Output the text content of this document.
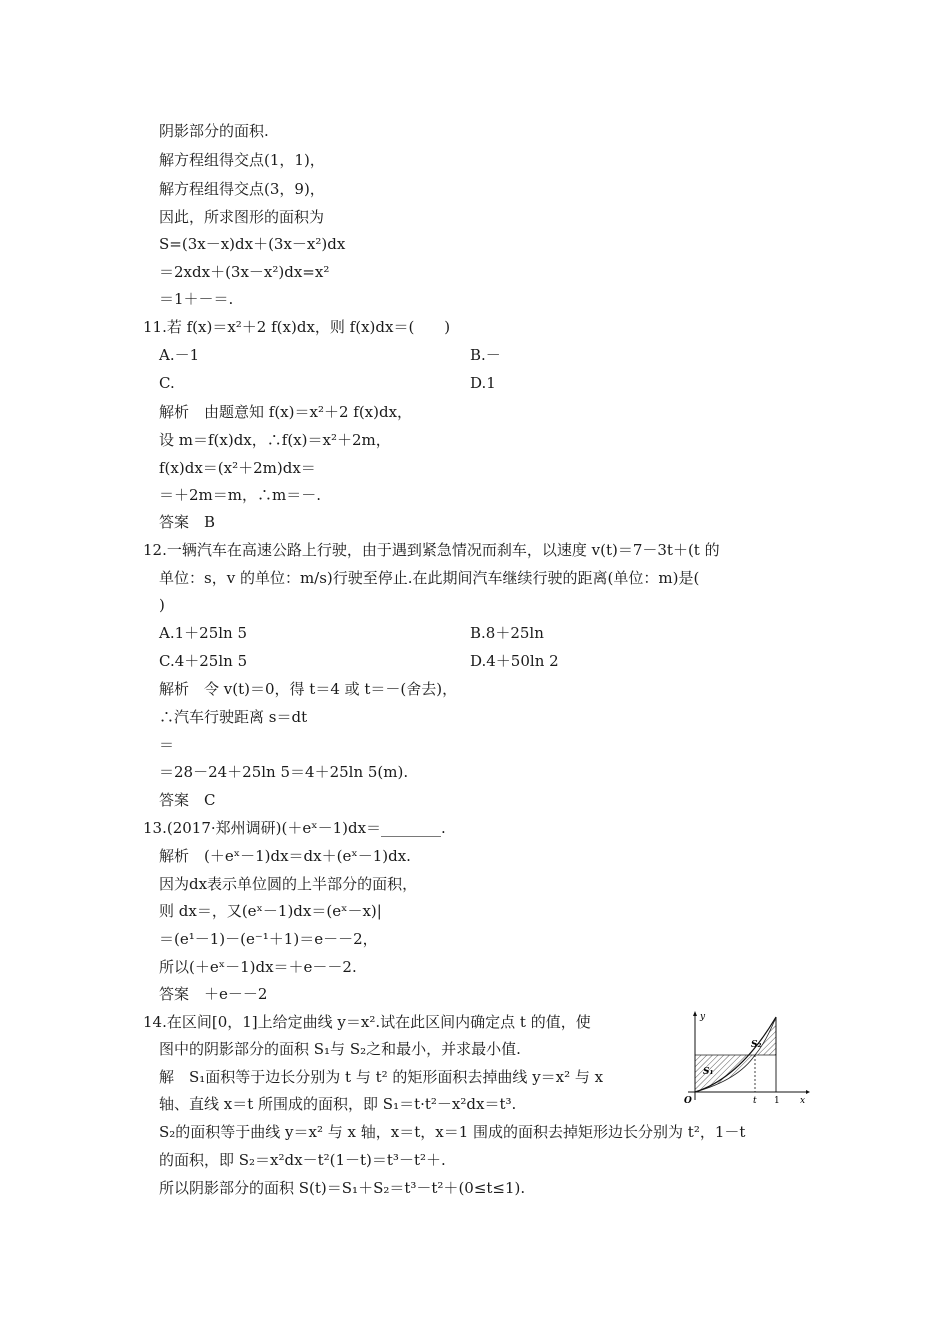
阴影部分的面积.
解方程组得交点(1，1)，
解方程组得交点(3，9)，
因此，所求图形的面积为
S=(3x－x)dx＋(3x－x²)dx
＝2xdx＋(3x－x²)dx=x²
＝1＋－＝.
11.若 f(x)＝x²＋2 f(x)dx，则 f(x)dx＝(　　)
A.－1	B.－
C.	D.1
解析　由题意知 f(x)＝x²＋2 f(x)dx，
设 m＝f(x)dx，∴f(x)＝x²＋2m，
f(x)dx＝(x²＋2m)dx＝
＝＋2m＝m，∴m＝－.
答案　B
12.一辆汽车在高速公路上行驶，由于遇到紧急情况而刹车，以速度 v(t)＝7－3t＋(t 的
单位：s，v 的单位：m/s)行驶至停止.在此期间汽车继续行驶的距离(单位：m)是(
)
A.1＋25ln 5	B.8＋25ln
C.4＋25ln 5	D.4＋50ln 2
解析　令 v(t)＝0，得 t＝4 或 t＝－(舍去)，
∴汽车行驶距离 s＝dt
＝
＝28－24＋25ln 5＝4＋25ln 5(m).
答案　C
13.(2017·郑州调研)(＋eˣ－1)dx＝________.
解析　(＋eˣ－1)dx＝dx＋(eˣ－1)dx.
因为dx表示单位圆的上半部分的面积，
则 dx＝，又(eˣ－1)dx＝(eˣ－x)|
＝(e¹－1)－(e⁻¹＋1)＝e－－2，
所以(＋eˣ－1)dx＝＋e－－2.
答案　＋e－－2
14.在区间[0，1]上给定曲线 y＝x².试在此区间内确定点 t 的值，使
图中的阴影部分的面积 S₁与 S₂之和最小，并求最小值.
解　S₁面积等于边长分别为 t 与 t² 的矩形面积去掉曲线 y＝x² 与 x
轴、直线 x＝t 所围成的面积，即 S₁＝t·t²－x²dx＝t³.
S₂的面积等于曲线 y＝x² 与 x 轴，x＝t，x＝1 围成的面积去掉矩形边长分别为 t²，1－t
的面积，即 S₂＝x²dx－t²(1－t)＝t³－t²＋.
所以阴影部分的面积 S(t)＝S₁＋S₂＝t³－t²＋(0≤t≤1).
y
x
O	t 1
S₁
S₂
